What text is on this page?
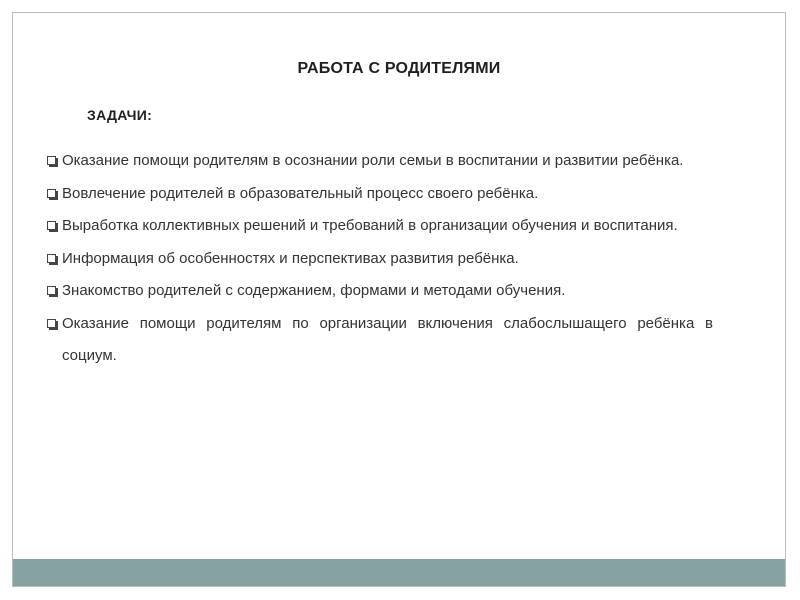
РАБОТА С РОДИТЕЛЯМИ
ЗАДАЧИ:
Оказание помощи родителям в осознании роли семьи в воспитании и развитии ребёнка.
Вовлечение родителей в образовательный процесс своего ребёнка.
Выработка коллективных решений и требований в организации обучения и воспитания.
Информация об особенностях и перспективах развития ребёнка.
Знакомство родителей с содержанием, формами и методами обучения.
Оказание помощи родителям по организации включения слабослышащего ребёнка в социум.
